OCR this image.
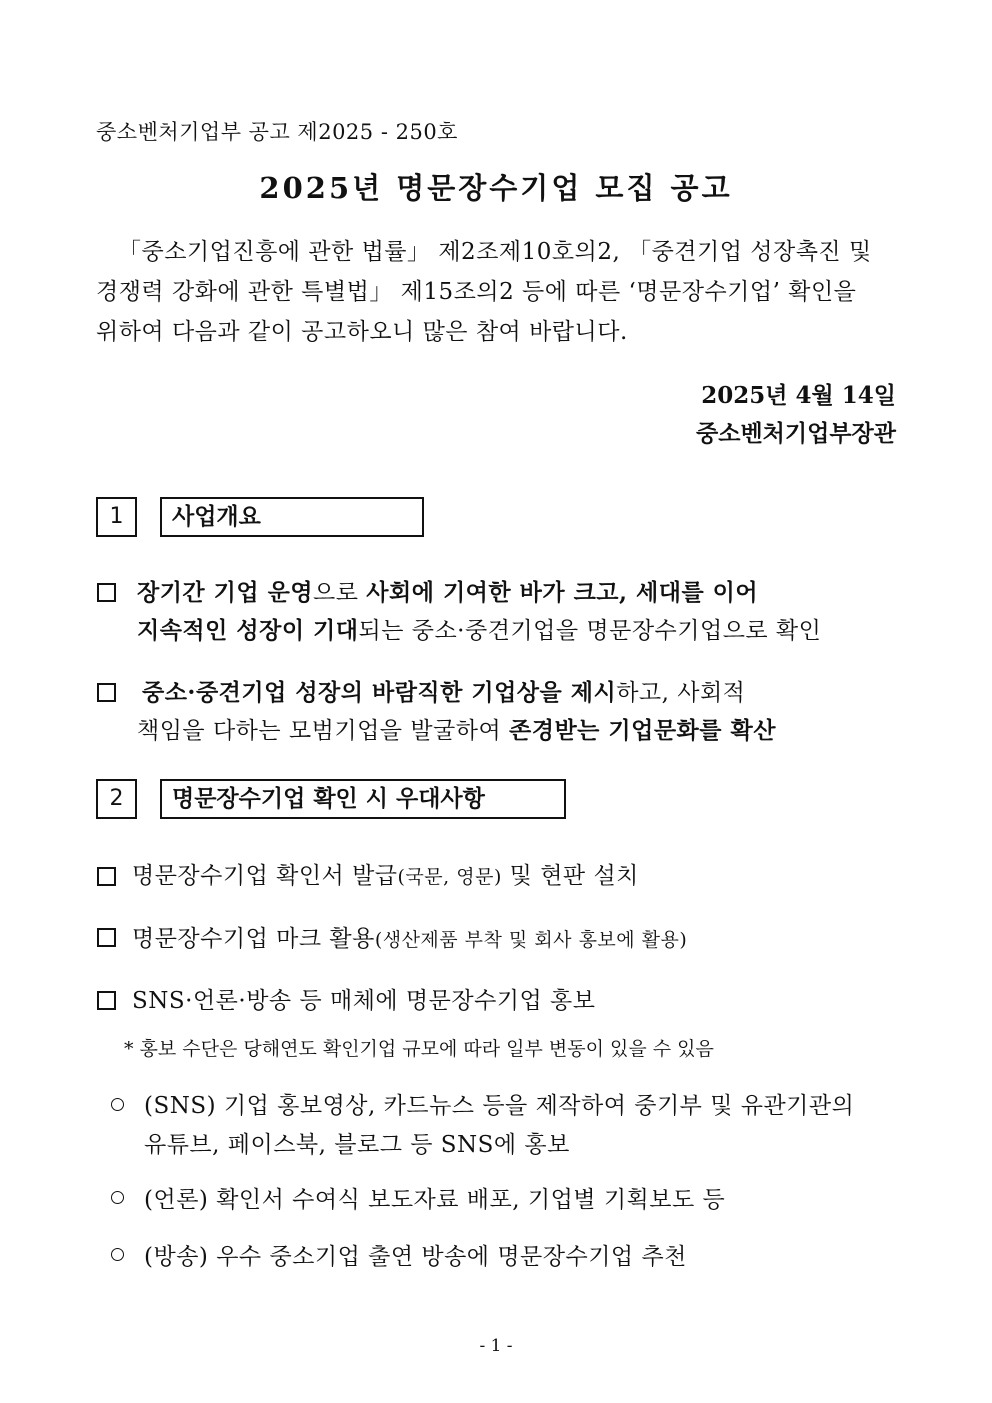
중소벤처기업부 공고 제2025 - 250호
2025년 명문장수기업 모집 공고
「중소기업진흥에 관한 법률」 제2조제10호의2, 「중견기업 성장촉진 및
경쟁력 강화에 관한 특별법」 제15조의2 등에 따른 ‘명문장수기업’ 확인을
위하여 다음과 같이 공고하오니 많은 참여 바랍니다.
2025년 4월 14일
중소벤처기업부장관
1	사업개요
장기간 기업 운영으로 사회에 기여한 바가 크고, 세대를 이어
지속적인 성장이 기대되는 중소·중견기업을 명문장수기업으로 확인
중소·중견기업 성장의 바람직한 기업상을 제시하고, 사회적
책임을 다하는 모범기업을 발굴하여 존경받는 기업문화를 확산
2	명문장수기업 확인 시 우대사항
명문장수기업 확인서 발급(국문, 영문) 및 현판 설치
명문장수기업 마크 활용(생산제품 부착 및 회사 홍보에 활용)
SNS·언론·방송 등 매체에 명문장수기업 홍보
* 홍보 수단은 당해연도 확인기업 규모에 따라 일부 변동이 있을 수 있음
(SNS) 기업 홍보영상, 카드뉴스 등을 제작하여 중기부 및 유관기관의
유튜브, 페이스북, 블로그 등 SNS에 홍보
(언론) 확인서 수여식 보도자료 배포, 기업별 기획보도 등
(방송) 우수 중소기업 출연 방송에 명문장수기업 추천
- 1 -
